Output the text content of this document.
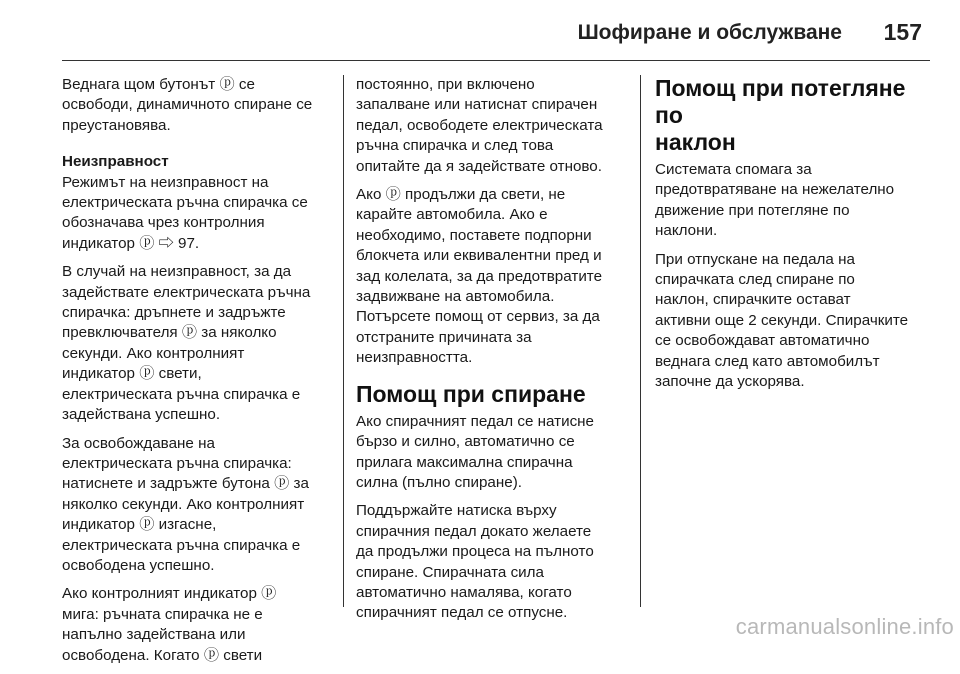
Шофиране и обслужване 157

Веднага щом бутонът ⓟ се
освободи, динамичното спиране се
преустановява.

Неизправност

Режимът на неизправност на
електрическата ръчна спирачка се
обозначава чрез контролния
индикатор ⓟ ⇨ 97.

В случай на неизправност, за да
задействате електрическата ръчна
спирачка: дръпнете и задръжте
превключвателя ⓟ за няколко
секунди. Ако контролният
индикатор ⓟ свети,
електрическата ръчна спирачка е
задействана успешно.

За освобождаване на
електрическата ръчна спирачка:
натиснете и задръжте бутона ⓟ за
няколко секунди. Ако контролният
индикатор ⓟ изгасне,
електрическата ръчна спирачка е
освободена успешно.

Ако контролният индикатор ⓟ
мига: ръчната спирачка не е
напълно задействана или
освободена. Когато ⓟ свети

постоянно, при включено
запалване или натиснат спирачен
педал, освободете електрическата
ръчна спирачка и след това
опитайте да я задействате отново.

Ако ⓟ продължи да свети, не
карайте автомобила. Ако е
необходимо, поставете подпорни
блокчета или еквивалентни пред и
зад колелата, за да предотвратите
задвижване на автомобила.
Потърсете помощ от сервиз, за да
отстраните причината за
неизправността.

Помощ при спиране

Ако спирачният педал се натисне
бързо и силно, автоматично се
прилага максимална спирачна
силна (пълно спиране).

Поддържайте натиска върху
спирачния педал докато желаете
да продължи процеса на пълното
спиране. Спирачната сила
автоматично намалява, когато
спирачният педал се отпусне.

Помощ при потегляне по
наклон

Системата спомага за
предотвратяване на нежелателно
движение при потегляне по
наклони.

При отпускане на педала на
спирачката след спиране по
наклон, спирачките остават
активни още 2 секунди. Спирачките
се освобождават автоматично
веднага след като автомобилът
започне да ускорява.

carmanualsonline.info
